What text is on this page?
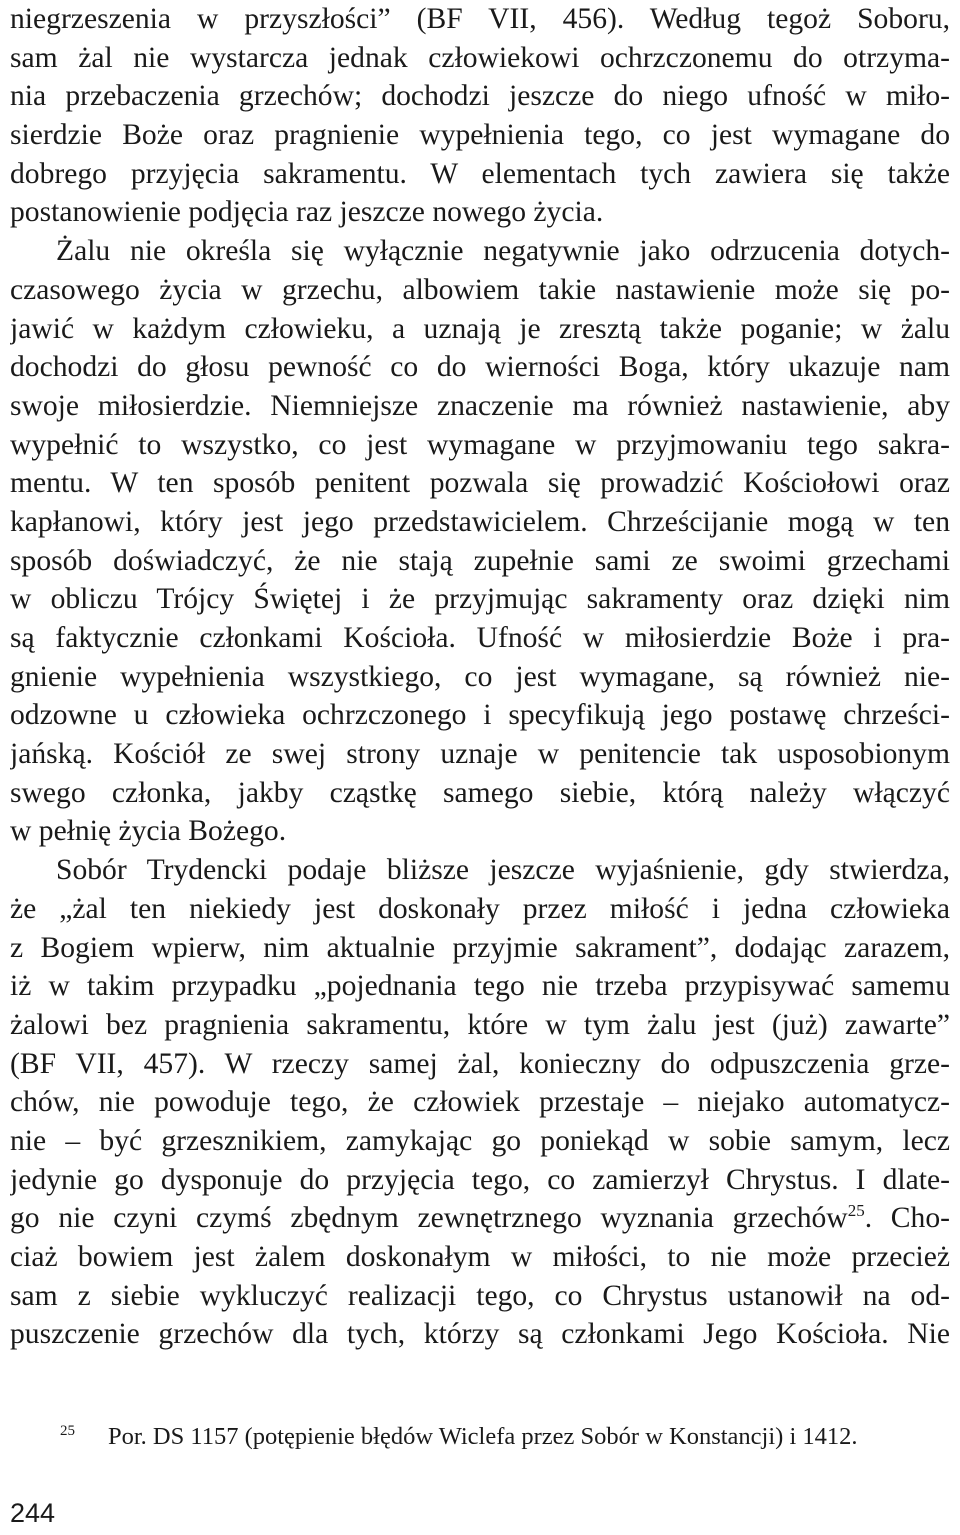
niegrzeszenia w przyszłości” (BF VII, 456). Według tegoż Soboru,
sam żal nie wystarcza jednak człowiekowi ochrzczonemu do otrzyma-
nia przebaczenia grzechów; dochodzi jeszcze do niego ufność w miło-
sierdzie Boże oraz pragnienie wypełnienia tego, co jest wymagane do
dobrego przyjęcia sakramentu. W elementach tych zawiera się także
postanowienie podjęcia raz jeszcze nowego życia.
Żalu nie określa się wyłącznie negatywnie jako odrzucenia dotych-
czasowego życia w grzechu, albowiem takie nastawienie może się po-
jawić w każdym człowieku, a uznają je zresztą także poganie; w żalu
dochodzi do głosu pewność co do wierności Boga, który ukazuje nam
swoje miłosierdzie. Niemniejsze znaczenie ma również nastawienie, aby
wypełnić to wszystko, co jest wymagane w przyjmowaniu tego sakra-
mentu. W ten sposób penitent pozwala się prowadzić Kościołowi oraz
kapłanowi, który jest jego przedstawicielem. Chrześcijanie mogą w ten
sposób doświadczyć, że nie stają zupełnie sami ze swoimi grzechami
w obliczu Trójcy Świętej i że przyjmując sakramenty oraz dzięki nim
są faktycznie członkami Kościoła. Ufność w miłosierdzie Boże i pra-
gnienie wypełnienia wszystkiego, co jest wymagane, są również nie-
odzowne u człowieka ochrzczonego i specyfikują jego postawę chrześci-
jańską. Kościół ze swej strony uznaje w penitencie tak usposobionym
swego członka, jakby cząstkę samego siebie, którą należy włączyć
w pełnię życia Bożego.
Sobór Trydencki podaje bliższe jeszcze wyjaśnienie, gdy stwierdza,
że „żal ten niekiedy jest doskonały przez miłość i jedna człowieka
z Bogiem wpierw, nim aktualnie przyjmie sakrament”, dodając zarazem,
iż w takim przypadku „pojednania tego nie trzeba przypisywać samemu
żalowi bez pragnienia sakramentu, które w tym żalu jest (już) zawarte”
(BF VII, 457). W rzeczy samej żal, konieczny do odpuszczenia grze-
chów, nie powoduje tego, że człowiek przestaje – niejako automatycz-
nie – być grzesznikiem, zamykając go poniekąd w sobie samym, lecz
jedynie go dysponuje do przyjęcia tego, co zamierzył Chrystus. I dlate-
go nie czyni czymś zbędnym zewnętrznego wyznania grzechów$^{25}$. Cho-
ciaż bowiem jest żalem doskonałym w miłości, to nie może przecież
sam z siebie wykluczyć realizacji tego, co Chrystus ustanowił na od-
puszczenie grzechów dla tych, którzy są członkami Jego Kościoła. Nie
25 Por. DS 1157 (potępienie błędów Wiclefa przez Sobór w Konstancji) i 1412.
244
